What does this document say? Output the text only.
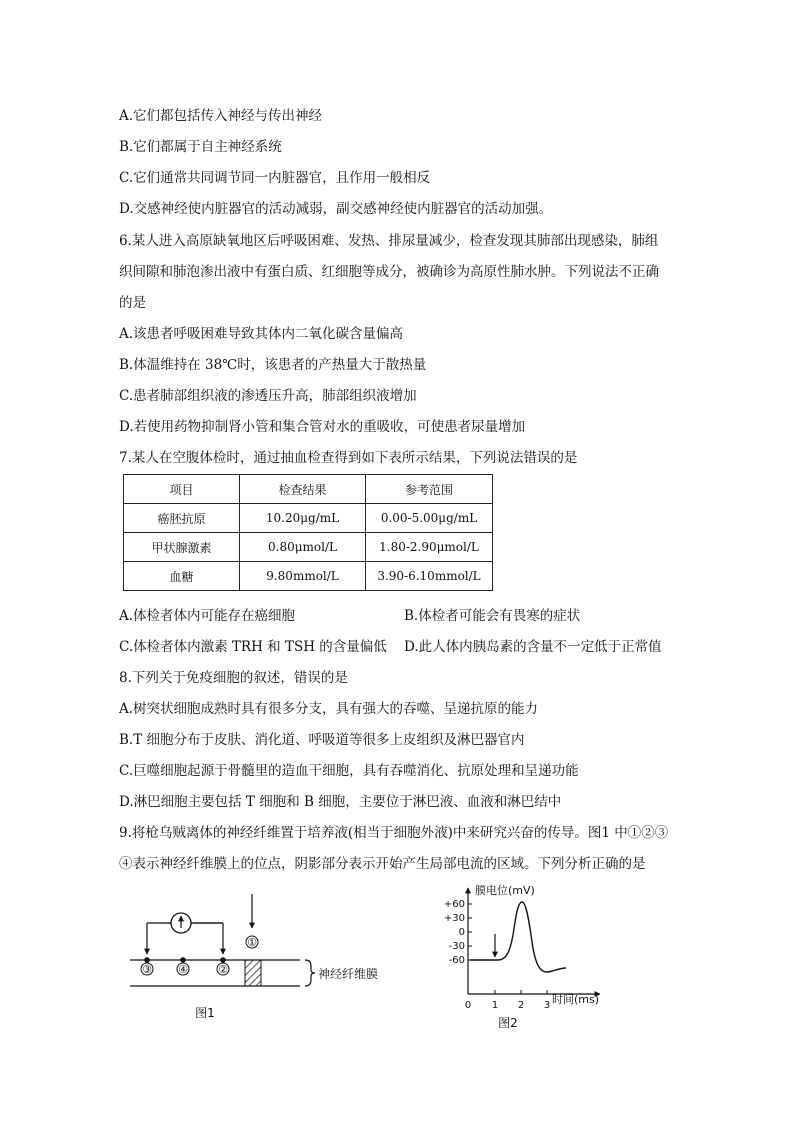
A.它们都包括传入神经与传出神经
B.它们都属于自主神经系统
C.它们通常共同调节同一内脏器官，且作用一般相反
D.交感神经使内脏器官的活动减弱，副交感神经使内脏器官的活动加强。
6.某人进入高原缺氧地区后呼吸困难、发热、排尿量减少，检查发现其肺部出现感染，肺组
织间隙和肺泡渗出液中有蛋白质、红细胞等成分，被确诊为高原性肺水肿。下列说法不正确
的是
A.该患者呼吸困难导致其体内二氧化碳含量偏高
B.体温维持在 38℃时，该患者的产热量大于散热量
C.患者肺部组织液的渗透压升高，肺部组织液增加
D.若使用药物抑制肾小管和集合管对水的重吸收，可使患者尿量增加
7.某人在空腹体检时，通过抽血检查得到如下表所示结果，下列说法错误的是
项目	检查结果	参考范围
癌胚抗原	10.20μg/mL	0.00-5.00μg/mL
甲状腺激素	0.80μmol/L	1.80-2.90μmol/L
血糖	9.80mmol/L	3.90-6.10mmol/L
A.体检者体内可能存在癌细胞	B.体检者可能会有畏寒的症状
C.体检者体内激素 TRH 和 TSH 的含量偏低 D.此人体内胰岛素的含量不一定低于正常值
8.下列关于免疫细胞的叙述，错误的是
A.树突状细胞成熟时具有很多分支，具有强大的吞噬、呈递抗原的能力
B.T 细胞分布于皮肤、消化道、呼吸道等很多上皮组织及淋巴器官内
C.巨噬细胞起源于骨髓里的造血干细胞，具有吞噬消化、抗原处理和呈递功能
D.淋巴细胞主要包括 T 细胞和 B 细胞，主要位于淋巴液、血液和淋巴结中
9.将枪乌贼离体的神经纤维置于培养液(相当于细胞外液)中来研究兴奋的传导。图1 中①②③
④表示神经纤维膜上的位点，阴影部分表示开始产生局部电流的区域。下列分析正确的是
①
③ ④	②	神经纤维膜
图1
膜电位(mV)
+60
+30
0
-30
-60
0 1 2 3 时间(ms)
图2
